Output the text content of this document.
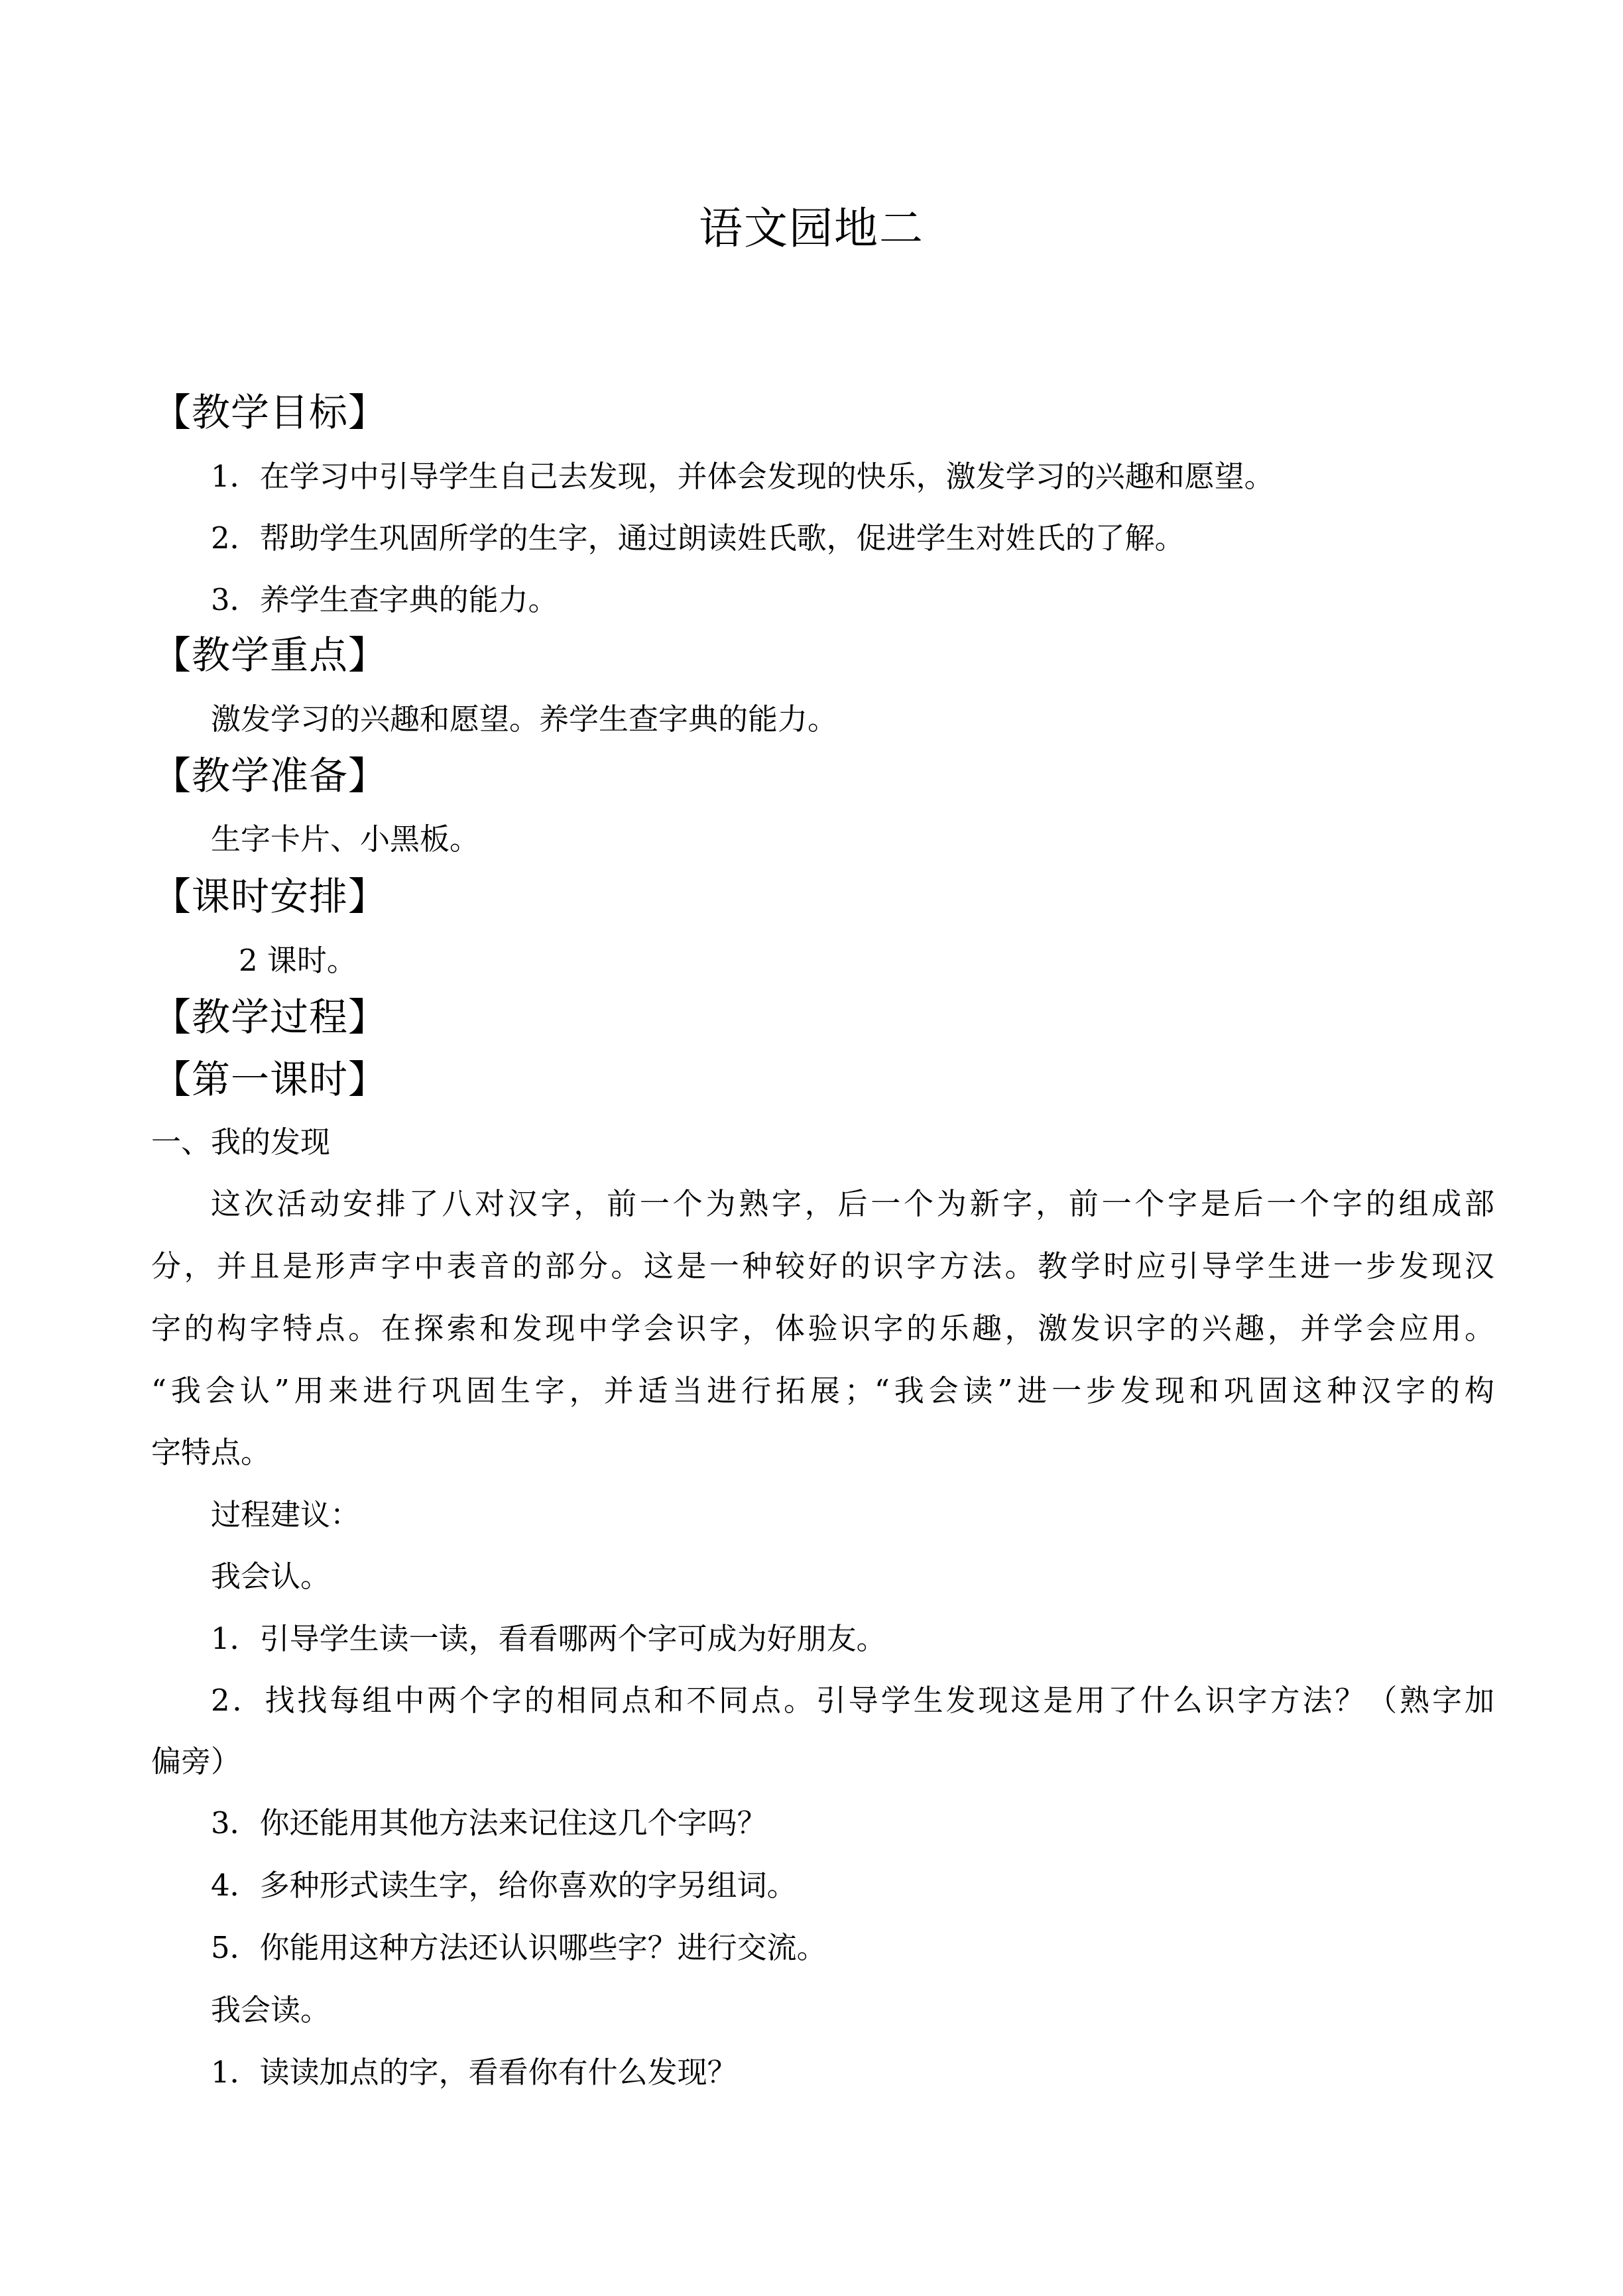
语文园地二
【教学目标】
1．在学习中引导学生自己去发现，并体会发现的快乐，激发学习的兴趣和愿望。
2．帮助学生巩固所学的生字，通过朗读姓氏歌，促进学生对姓氏的了解。
3．养学生查字典的能力。
【教学重点】
激发学习的兴趣和愿望。养学生查字典的能力。
【教学准备】
生字卡片、小黑板。
【课时安排】
2 课时。
【教学过程】
【第一课时】
一、我的发现
这次活动安排了八对汉字，前一个为熟字，后一个为新字，前一个字是后一个字的组成部
分，并且是形声字中表音的部分。这是一种较好的识字方法。教学时应引导学生进一步发现汉
字的构字特点。在探索和发现中学会识字，体验识字的乐趣，激发识字的兴趣，并学会应用。
“我会认”用来进行巩固生字，并适当进行拓展；“我会读”进一步发现和巩固这种汉字的构
字特点。
过程建议：
我会认。
1．引导学生读一读，看看哪两个字可成为好朋友。
2．找找每组中两个字的相同点和不同点。引导学生发现这是用了什么识字方法？（熟字加
偏旁）
3．你还能用其他方法来记住这几个字吗？
4．多种形式读生字，给你喜欢的字另组词。
5．你能用这种方法还认识哪些字？进行交流。
我会读。
1．读读加点的字，看看你有什么发现？
